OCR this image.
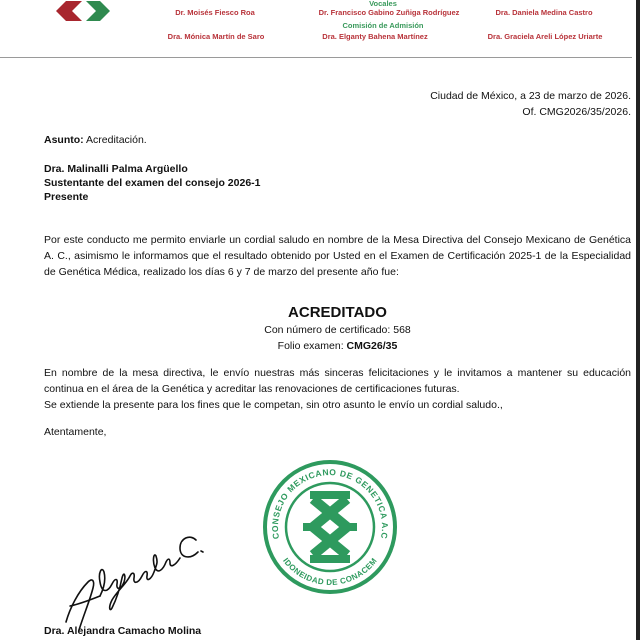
Vocales
Dr. Moisés Fiesco Roa	Dr. Francisco Gabino Zuñiga Rodríguez	Dra. Daniela Medina Castro
Comisión de Admisión
Dra. Mónica Martín de Saro	Dra. Elganty Bahena Martínez	Dra. Graciela Areli López Uriarte
Ciudad de México, a 23 de marzo de 2026.
Of. CMG2026/35/2026.
Asunto: Acreditación.
Dra. Malinalli Palma Argüello
Sustentante del examen del consejo 2026-1
Presente
Por este conducto me permito enviarle un cordial saludo en nombre de la Mesa Directiva del Consejo Mexicano de Genética
A. C., asimismo le informamos que el resultado obtenido por Usted en el Examen de Certificación 2025-1 de la Especialidad
de Genética Médica, realizado los días 6 y 7 de marzo del presente año fue:
ACREDITADO
Con número de certificado: 568
Folio examen: CMG26/35
En nombre de la mesa directiva, le envío nuestras más sinceras felicitaciones y le invitamos a mantener su educación
continua en el área de la Genética y acreditar las renovaciones de certificaciones futuras.
Se extiende la presente para los fines que le competan, sin otro asunto le envío un cordial saludo.,
Atentamente,
CONSEJO MEXICANO DE GENETICA A.C
IDONEIDAD DE CONACEM
Dra. Alejandra Camacho Molina
